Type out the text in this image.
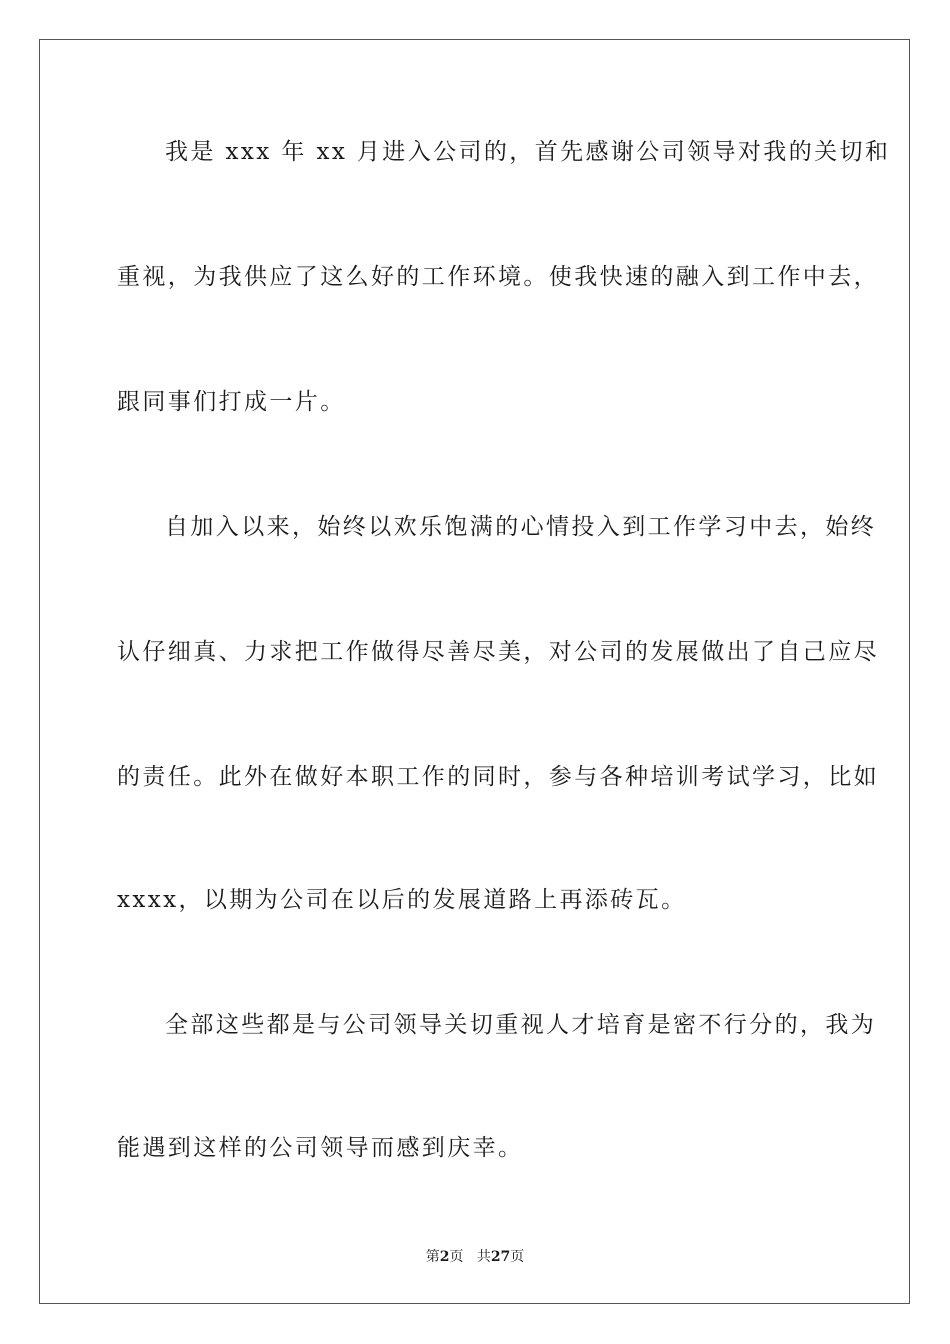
我是 xxx 年 xx 月进入公司的，首先感谢公司领导对我的关切和
重视，为我供应了这么好的工作环境。使我快速的融入到工作中去，
跟同事们打成一片。
自加入以来，始终以欢乐饱满的心情投入到工作学习中去，始终
认仔细真、力求把工作做得尽善尽美，对公司的发展做出了自己应尽
的责任。此外在做好本职工作的同时，参与各种培训考试学习，比如
xxxx，以期为公司在以后的发展道路上再添砖瓦。
全部这些都是与公司领导关切重视人才培育是密不行分的，我为
能遇到这样的公司领导而感到庆幸。
第2页 共27页
